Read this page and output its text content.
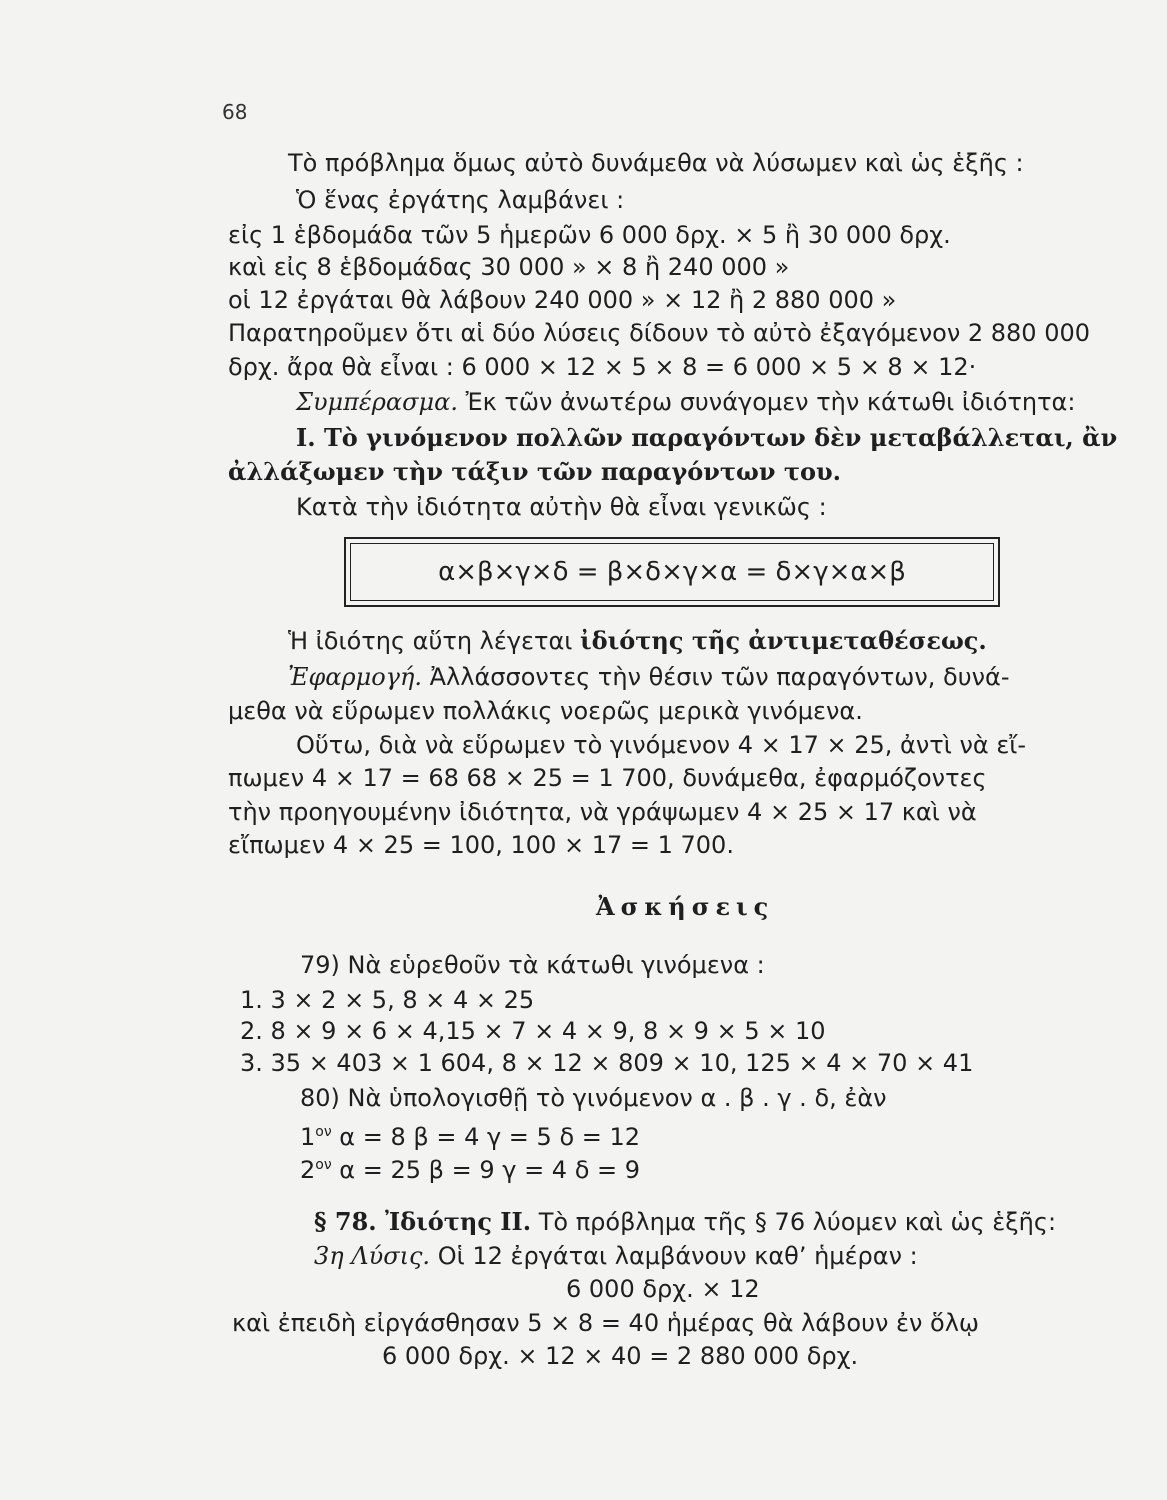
68
Τὸ πρόβλημα ὅμως αὐτὸ δυνάμεθα νὰ λύσωμεν καὶ ὡς ἑξῆς :
Ὁ ἕνας ἐργάτης λαμβάνει :
εἰς 1 ἑβδομάδα τῶν 5 ἡμερῶν 6 000 δρχ. × 5 ἢ 30 000 δρχ.
καὶ εἰς 8 ἑβδομάδας 30 000 » × 8 ἢ 240 000 »
οἱ 12 ἐργάται θὰ λάβουν 240 000 » × 12 ἢ 2 880 000 »
Παρατηροῦμεν ὅτι αἱ δύο λύσεις δίδουν τὸ αὐτὸ ἐξαγόμενον 2 880 000
δρχ. ἄρα θὰ εἶναι : 6 000 × 12 × 5 × 8 = 6 000 × 5 × 8 × 12·
Συμπέρασμα. Ἐκ τῶν ἀνωτέρω συνάγομεν τὴν κάτωθι ἰδιότητα:
Ι. Τὸ γινόμενον πολλῶν παραγόντων δὲν μεταβάλλεται, ἂν
ἀλλάξωμεν τὴν τάξιν τῶν παραγόντων του.
Κατὰ τὴν ἰδιότητα αὐτὴν θὰ εἶναι γενικῶς :
α×β×γ×δ = β×δ×γ×α = δ×γ×α×β
Ἡ ἰδιότης αὕτη λέγεται ἰδιότης τῆς ἀντιμεταθέσεως.
Ἐφαρμογή. Ἀλλάσσοντες τὴν θέσιν τῶν παραγόντων, δυνά-
μεθα νὰ εὕρωμεν πολλάκις νοερῶς μερικὰ γινόμενα.
Οὕτω, διὰ νὰ εὕρωμεν τὸ γινόμενον 4 × 17 × 25, ἀντὶ νὰ εἴ-
πωμεν 4 × 17 = 68 68 × 25 = 1 700, δυνάμεθα, ἐφαρμόζοντες
τὴν προηγουμένην ἰδιότητα, νὰ γράψωμεν 4 × 25 × 17 καὶ νὰ
εἴπωμεν 4 × 25 = 100, 100 × 17 = 1 700.
Ἀσκήσεις
79) Νὰ εὑρεθοῦν τὰ κάτωθι γινόμενα :
1. 3 × 2 × 5, 8 × 4 × 25
2. 8 × 9 × 6 × 4,15 × 7 × 4 × 9, 8 × 9 × 5 × 10
3. 35 × 403 × 1 604, 8 × 12 × 809 × 10, 125 × 4 × 70 × 41
80) Νὰ ὑπολογισθῇ τὸ γινόμενον α . β . γ . δ, ἐὰν
$1^{o\nu}$ α = 8 β = 4 γ = 5 δ = 12
$2^{o\nu}$ α = 25 β = 9 γ = 4 δ = 9
§ 78. Ἰδιότης ΙΙ. Τὸ πρόβλημα τῆς § 76 λύομεν καὶ ὡς ἑξῆς:
3η Λύσις. Οἱ 12 ἐργάται λαμβάνουν καθ’ ἡμέραν :
6 000 δρχ. × 12
καὶ ἐπειδὴ εἰργάσθησαν 5 × 8 = 40 ἡμέρας θὰ λάβουν ἐν ὅλῳ
6 000 δρχ. × 12 × 40 = 2 880 000 δρχ.
